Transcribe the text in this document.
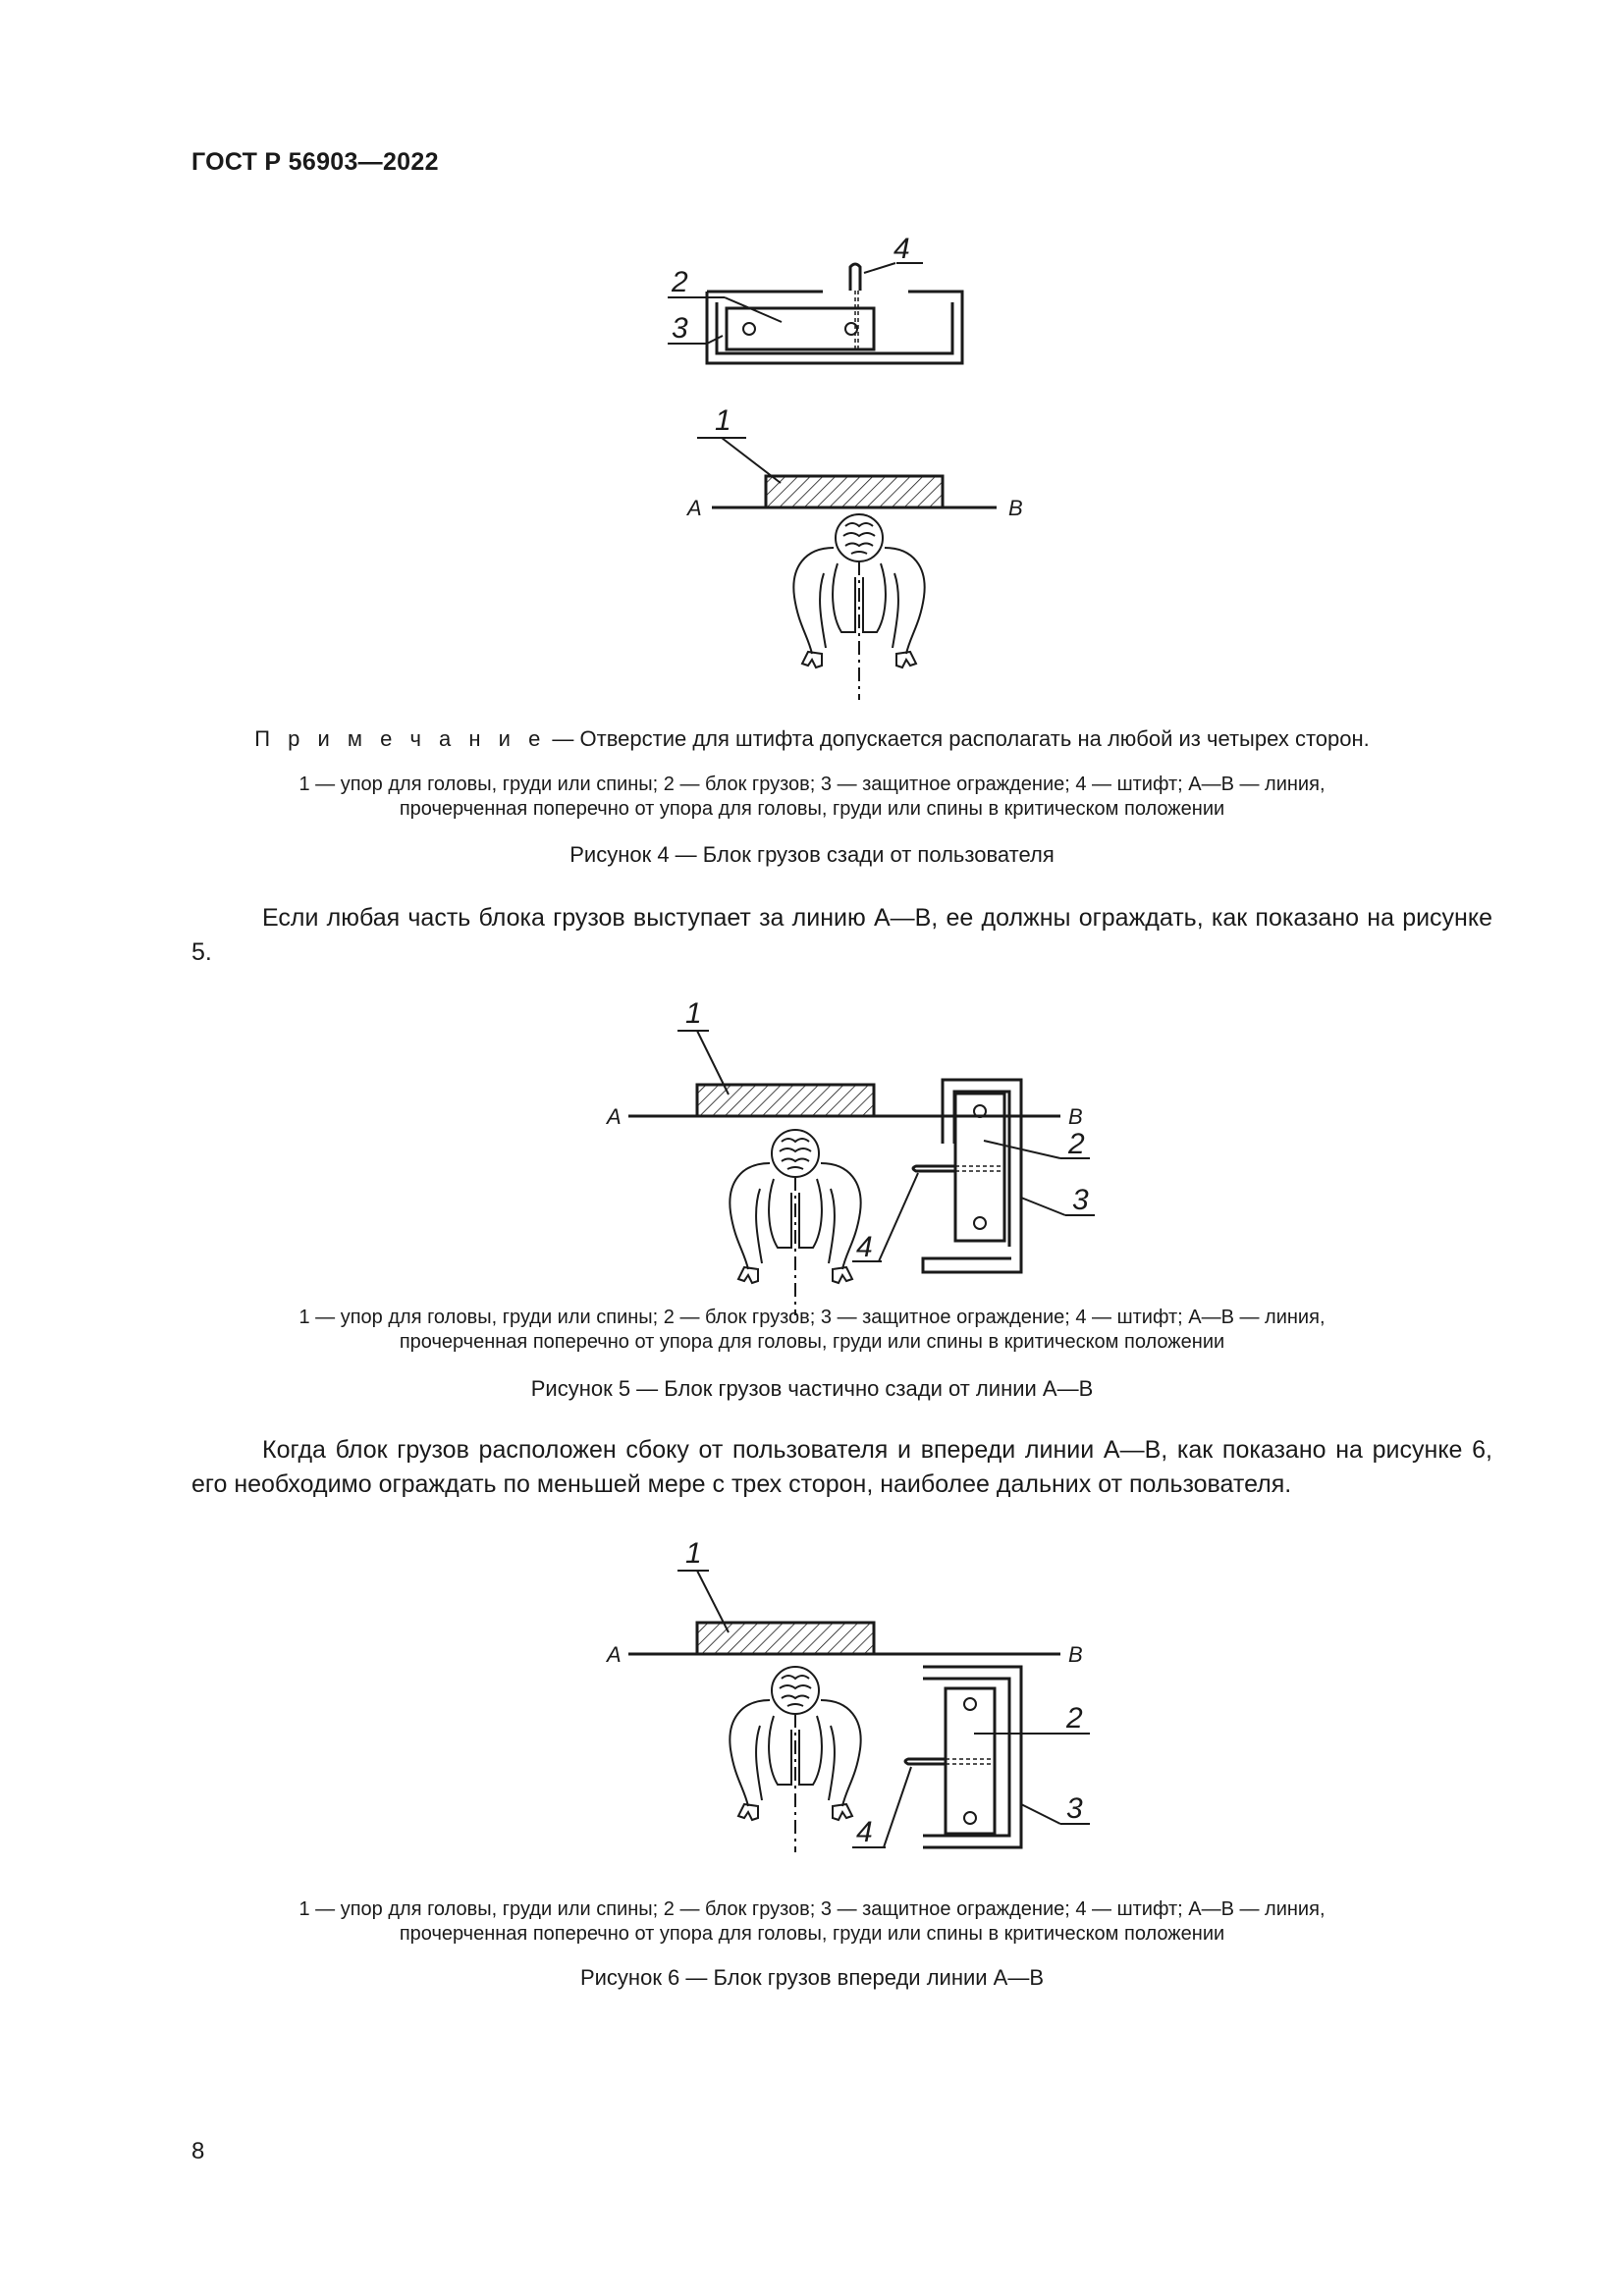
ГОСТ Р 56903—2022
4
2
3
1
A	B
П р и м е ч а н и е — Отверстие для штифта допускается располагать на любой из четырех сторон.
1 — упор для головы, груди или спины; 2 — блок грузов; 3 — защитное ограждение; 4 — штифт; A—B — линия,
прочерченная поперечно от упора для головы, груди или спины в критическом положении
Рисунок 4 — Блок грузов сзади от пользователя
Если любая часть блока грузов выступает за линию A—B, ее должны ограждать, как показано на рисунке 5.
1
A	B
2
3
4
1 — упор для головы, груди или спины; 2 — блок грузов; 3 — защитное ограждение; 4 — штифт; A—B — линия,
прочерченная поперечно от упора для головы, груди или спины в критическом положении
Рисунок 5 — Блок грузов частично сзади от линии A—B
Когда блок грузов расположен сбоку от пользователя и впереди линии A—B, как показано на рисунке 6, его необходимо ограждать по меньшей мере с трех сторон, наиболее дальних от пользователя.
1
A	B
2
3
4
1 — упор для головы, груди или спины; 2 — блок грузов; 3 — защитное ограждение; 4 — штифт; A—B — линия,
прочерченная поперечно от упора для головы, груди или спины в критическом положении
Рисунок 6 — Блок грузов впереди линии A—B
8
